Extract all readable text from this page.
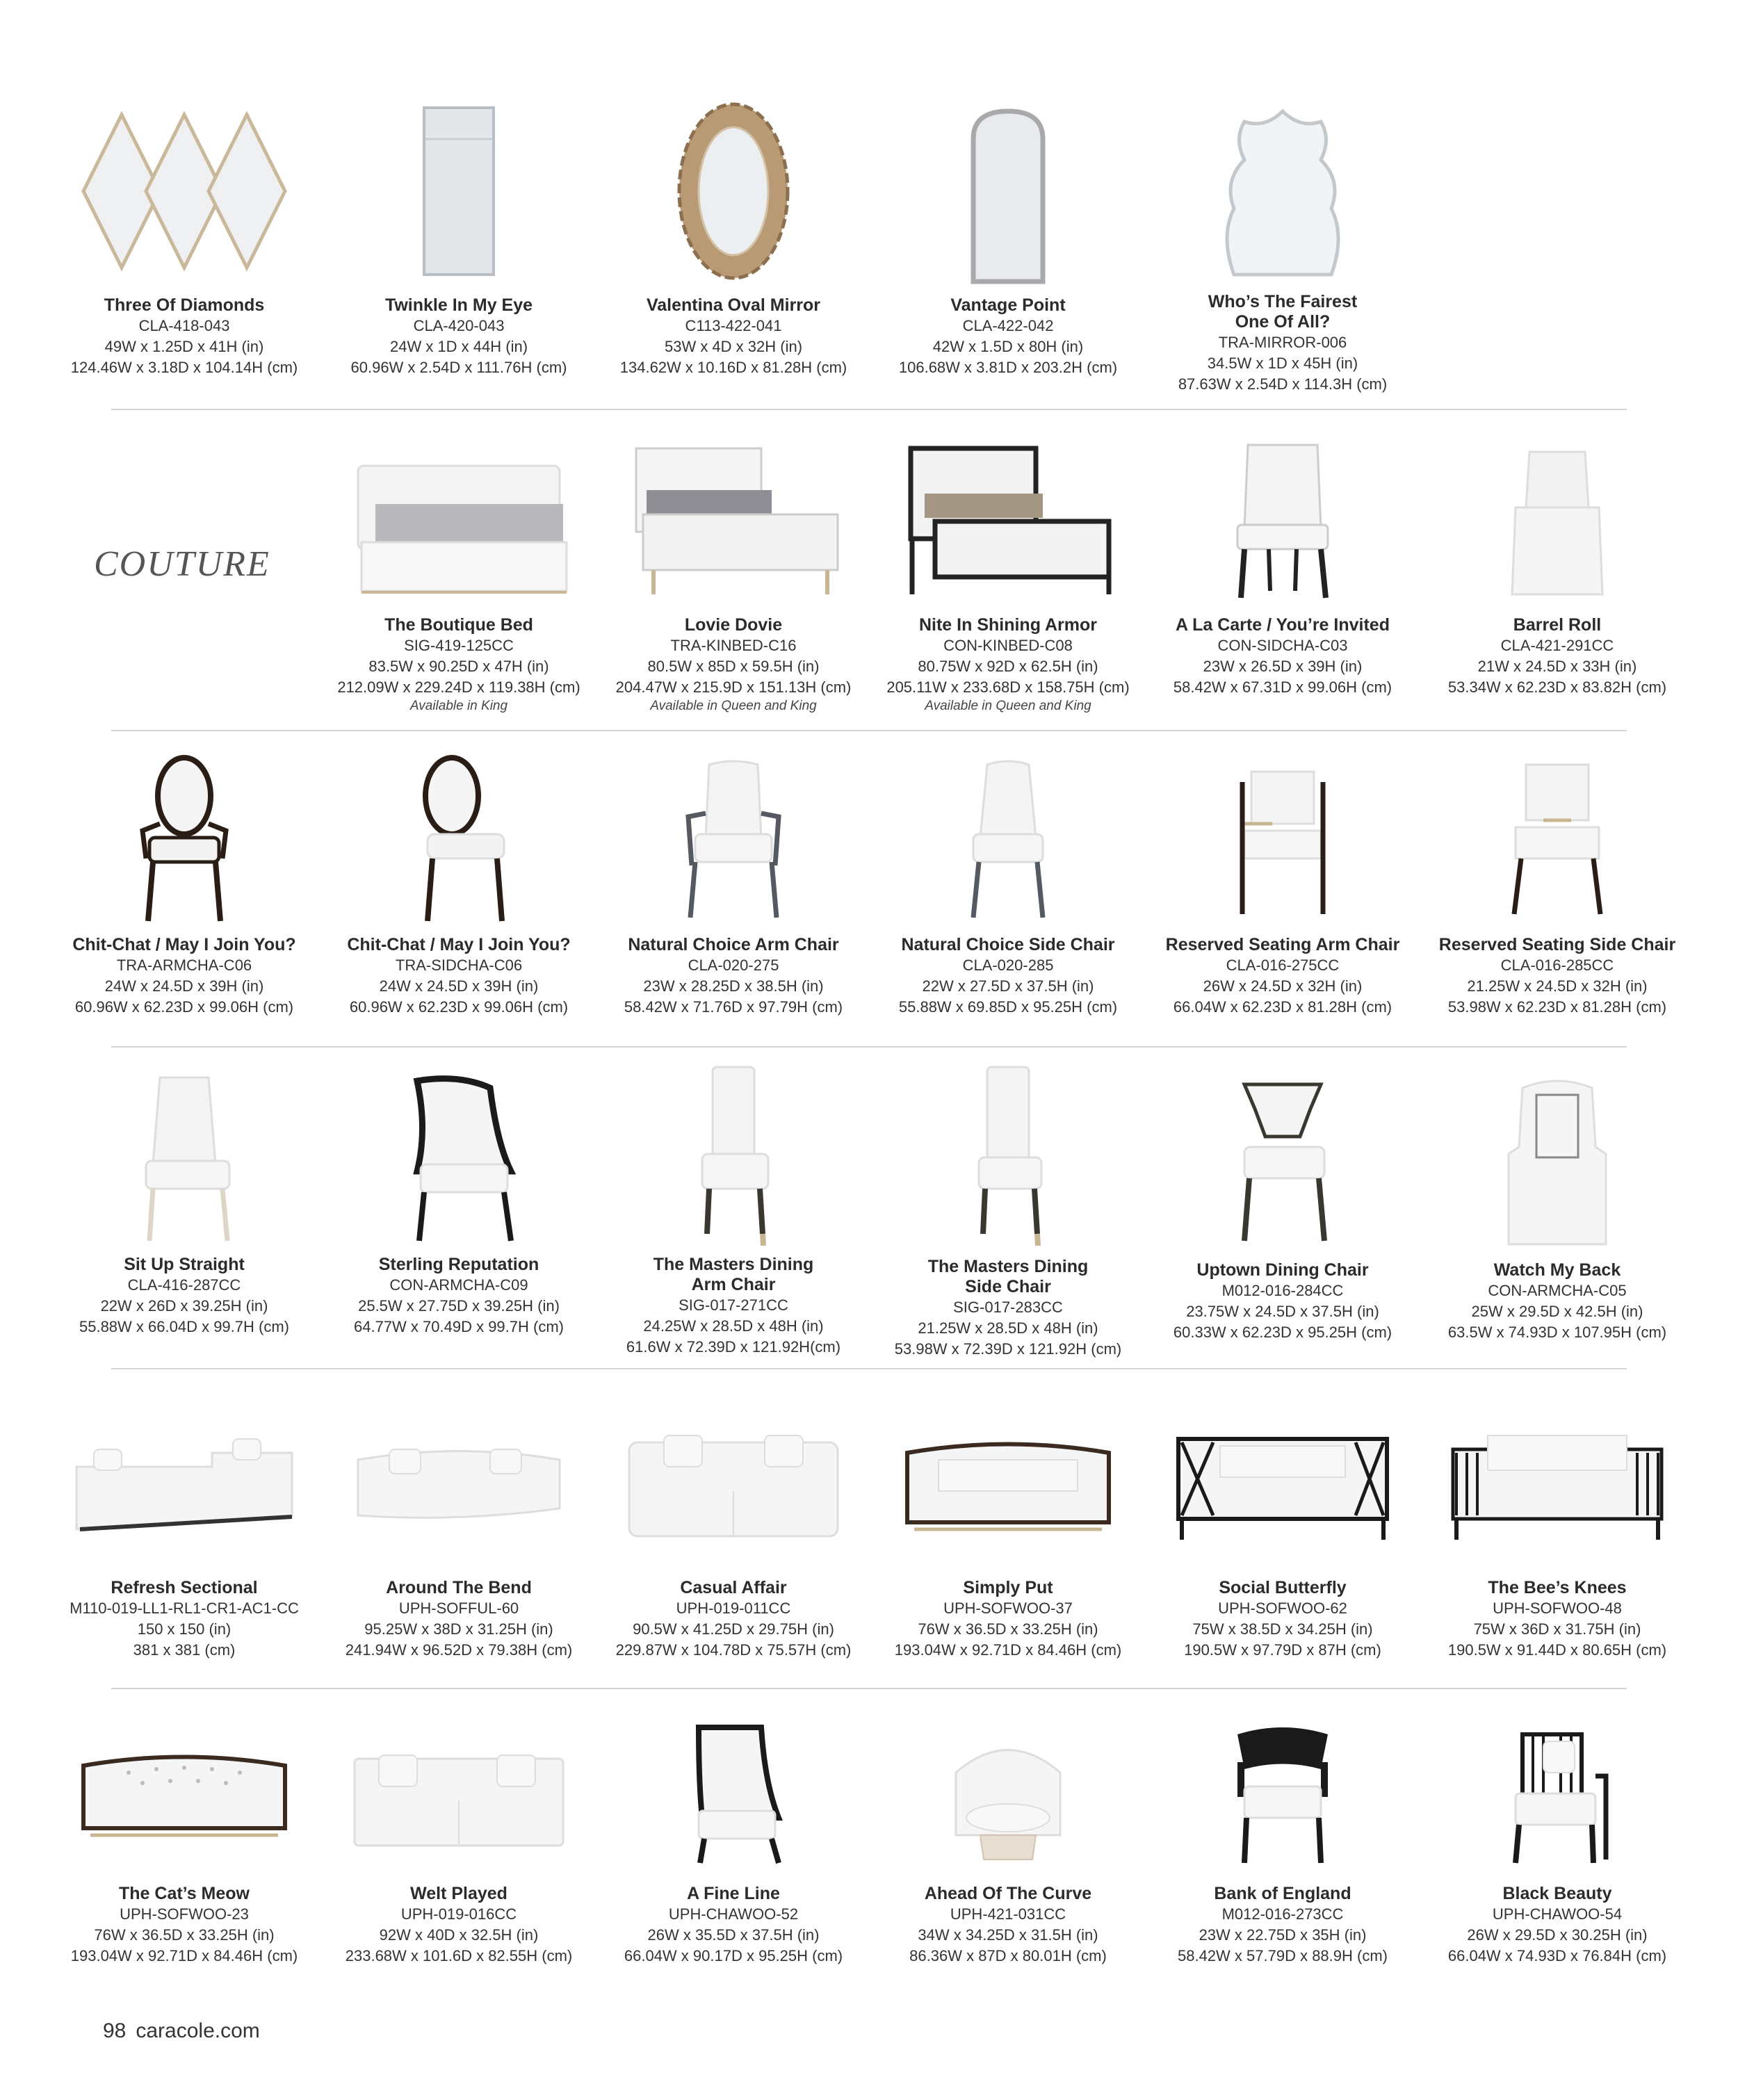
Three Of Diamonds
CLA-418-043
49W x 1.25D x 41H (in)
124.46W x 3.18D x 104.14H (cm)
Twinkle In My Eye
CLA-420-043
24W x 1D x 44H (in)
60.96W x 2.54D x 111.76H (cm)
Valentina Oval Mirror
C113-422-041
53W x 4D x 32H (in)
134.62W x 10.16D x 81.28H (cm)
Vantage Point
CLA-422-042
42W x 1.5D x 80H (in)
106.68W x 3.81D x 203.2H (cm)
Who’s The Fairest
One Of All?
TRA-MIRROR-006
34.5W x 1D x 45H (in)
87.63W x 2.54D x 114.3H (cm)
COUTURE
The Boutique Bed
SIG-419-125CC
83.5W x 90.25D x 47H (in)
212.09W x 229.24D x 119.38H (cm)
Available in King
Lovie Dovie
TRA-KINBED-C16
80.5W x 85D x 59.5H (in)
204.47W x 215.9D x 151.13H (cm)
Available in Queen and King
Nite In Shining Armor
CON-KINBED-C08
80.75W x 92D x 62.5H (in)
205.11W x 233.68D x 158.75H (cm)
Available in Queen and King
A La Carte / You’re Invited
CON-SIDCHA-C03
23W x 26.5D x 39H (in)
58.42W x 67.31D x 99.06H (cm)
Barrel Roll
CLA-421-291CC
21W x 24.5D x 33H (in)
53.34W x 62.23D x 83.82H (cm)
Chit-Chat / May I Join You?
TRA-ARMCHA-C06
24W x 24.5D x 39H (in)
60.96W x 62.23D x 99.06H (cm)
Chit-Chat / May I Join You?
TRA-SIDCHA-C06
24W x 24.5D x 39H (in)
60.96W x 62.23D x 99.06H (cm)
Natural Choice Arm Chair
CLA-020-275
23W x 28.25D x 38.5H (in)
58.42W x 71.76D x 97.79H (cm)
Natural Choice Side Chair
CLA-020-285
22W x 27.5D x 37.5H (in)
55.88W x 69.85D x 95.25H (cm)
Reserved Seating Arm Chair
CLA-016-275CC
26W x 24.5D x 32H (in)
66.04W x 62.23D x 81.28H (cm)
Reserved Seating Side Chair
CLA-016-285CC
21.25W x 24.5D x 32H (in)
53.98W x 62.23D x 81.28H (cm)
Sit Up Straight
CLA-416-287CC
22W x 26D x 39.25H (in)
55.88W x 66.04D x 99.7H (cm)
Sterling Reputation
CON-ARMCHA-C09
25.5W x 27.75D x 39.25H (in)
64.77W x 70.49D x 99.7H (cm)
The Masters Dining
Arm Chair
SIG-017-271CC
24.25W x 28.5D x 48H (in)
61.6W x 72.39D x 121.92H(cm)
The Masters Dining
Side Chair
SIG-017-283CC
21.25W x 28.5D x 48H (in)
53.98W x 72.39D x 121.92H (cm)
Uptown Dining Chair
M012-016-284CC
23.75W x 24.5D x 37.5H (in)
60.33W x 62.23D x 95.25H (cm)
Watch My Back
CON-ARMCHA-C05
25W x 29.5D x 42.5H (in)
63.5W x 74.93D x 107.95H (cm)
Refresh Sectional
M110-019-LL1-RL1-CR1-AC1-CC
150 x 150 (in)
381 x 381 (cm)
Around The Bend
UPH-SOFFUL-60
95.25W x 38D x 31.25H (in)
241.94W x 96.52D x 79.38H (cm)
Casual Affair
UPH-019-011CC
90.5W x 41.25D x 29.75H (in)
229.87W x 104.78D x 75.57H (cm)
Simply Put
UPH-SOFWOO-37
76W x 36.5D x 33.25H (in)
193.04W x 92.71D x 84.46H (cm)
Social Butterfly
UPH-SOFWOO-62
75W x 38.5D x 34.25H (in)
190.5W x 97.79D x 87H (cm)
The Bee’s Knees
UPH-SOFWOO-48
75W x 36D x 31.75H (in)
190.5W x 91.44D x 80.65H (cm)
The Cat’s Meow
UPH-SOFWOO-23
76W x 36.5D x 33.25H (in)
193.04W x 92.71D x 84.46H (cm)
Welt Played
UPH-019-016CC
92W x 40D x 32.5H (in)
233.68W x 101.6D x 82.55H (cm)
A Fine Line
UPH-CHAWOO-52
26W x 35.5D x 37.5H (in)
66.04W x 90.17D x 95.25H (cm)
Ahead Of The Curve
UPH-421-031CC
34W x 34.25D x 31.5H (in)
86.36W x 87D x 80.01H (cm)
Bank of England
M012-016-273CC
23W x 22.75D x 35H (in)
58.42W x 57.79D x 88.9H (cm)
Black Beauty
UPH-CHAWOO-54
26W x 29.5D x 30.25H (in)
66.04W x 74.93D x 76.84H (cm)
98 caracole.com
